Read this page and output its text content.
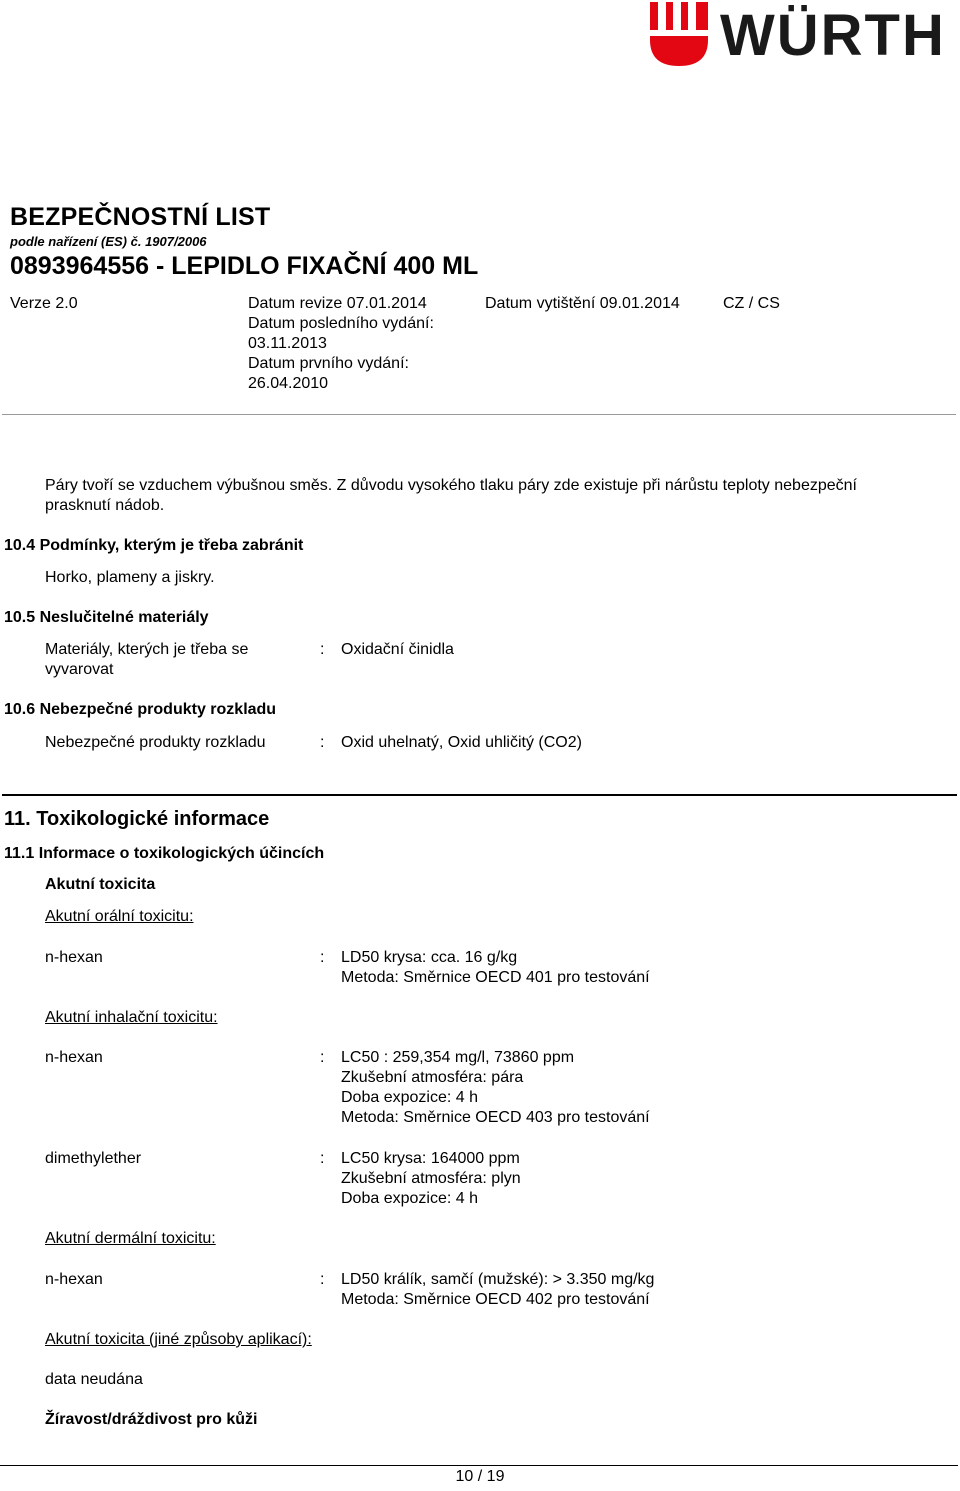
WÜRTH
BEZPEČNOSTNÍ LIST
podle nařízení (ES) č. 1907/2006
0893964556 - LEPIDLO FIXAČNÍ 400 ML
Verze 2.0	Datum revize 07.01.2014
Datum posledního vydání:
03.11.2013
Datum prvního vydání:
26.04.2010
Datum vytištění 09.01.2014	CZ / CS
Páry tvoří se vzduchem výbušnou směs. Z důvodu vysokého tlaku páry zde existuje při nárůstu teploty nebezpeční
prasknutí nádob.
10.4 Podmínky, kterým je třeba zabránit
Horko, plameny a jiskry.
10.5 Neslučitelné materiály
Materiály, kterých je třeba se
vyvarovat
: Oxidační činidla
10.6 Nebezpečné produkty rozkladu
Nebezpečné produkty rozkladu	: Oxid uhelnatý, Oxid uhličitý (CO2)
11. Toxikologické informace
11.1 Informace o toxikologických účincích
Akutní toxicita
Akutní orální toxicitu:
n-hexan	: LD50 krysa: cca. 16 g/kg
Metoda: Směrnice OECD 401 pro testování
Akutní inhalační toxicitu:
n-hexan	: LC50 : 259,354 mg/l, 73860 ppm
Zkušební atmosféra: pára
Doba expozice: 4 h
Metoda: Směrnice OECD 403 pro testování
dimethylether	: LC50 krysa: 164000 ppm
Zkušební atmosféra: plyn
Doba expozice: 4 h
Akutní dermální toxicitu:
n-hexan	: LD50 králík, samčí (mužské): > 3.350 mg/kg
Metoda: Směrnice OECD 402 pro testování
Akutní toxicita (jiné způsoby aplikací):
data neudána
Žíravost/dráždivost pro kůži
10 / 19
